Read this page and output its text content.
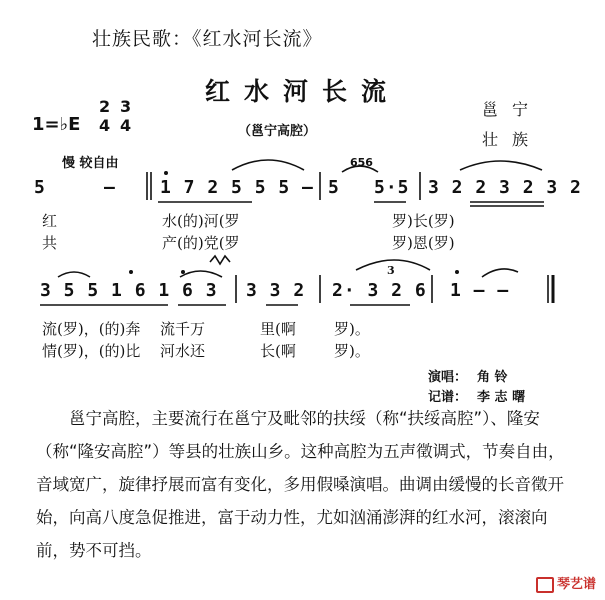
壮族民歌：《红水河长流》
红水河长流
1=♭E
2
4
3
4	（邕宁高腔）
邕宁
壮族
慢 较自由
5	— 1 7 2 5 5 5 — 5 5·5 3 2 2 3 2 3 2
656
红	水(的)河(罗	罗)长(罗)
共	产(的)党(罗	罗)恩(罗)
3 5 5 1 6 1 6 3 3 3 2 2· 3 2 6 1 — —
3
流(罗)，(的)奔 流千万	里(啊	罗)。
情(罗)，(的)比 河水还	长(啊	罗)。
演唱： 角 铃
记谱： 李 志 曙
邕宁高腔，主要流行在邕宁及毗邻的扶绥（称“扶绥高腔”）、隆安（称“隆安高腔”）等县的壮族山乡。这种高腔为五声徵调式，节奏自由，音域宽广，旋律抒展而富有变化，多用假嗓演唱。曲调由缓慢的长音徵开始，向高八度急促推进，富于动力性，尤如汹涌澎湃的红水河，滚滚向前，势不可挡。
琴艺谱
